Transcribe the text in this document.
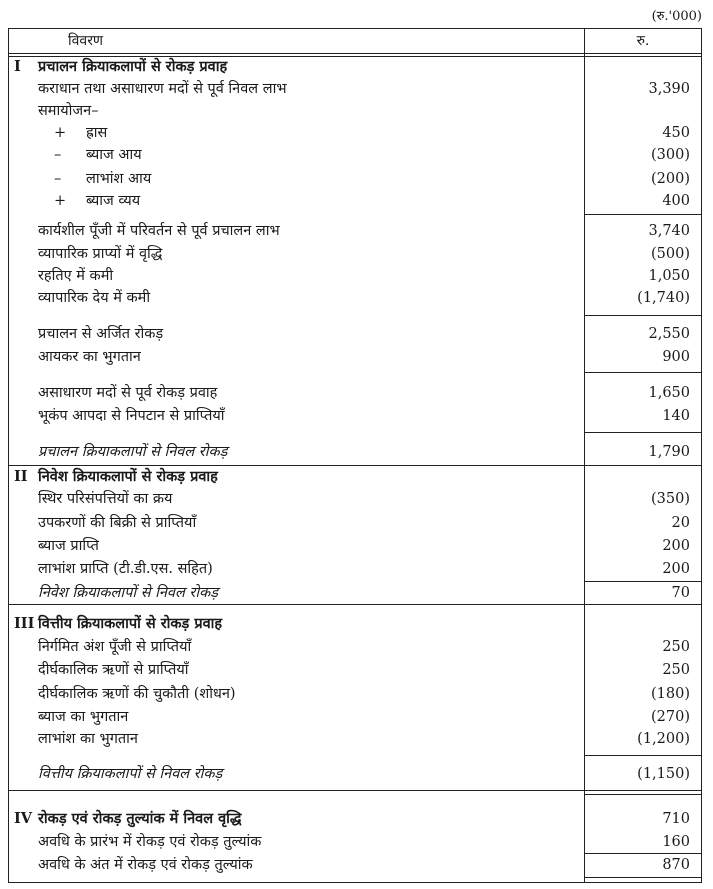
(रु.'000)
विवरण	रु.
I प्रचालन क्रियाकलापों से रोकड़ प्रवाह
कराधान तथा असाधारण मदों से पूर्व निवल लाभ	3,390
समायोजन–
+ ह्रास	450
– ब्याज आय	(300)
– लाभांश आय	(200)
+ ब्याज व्यय	400
कार्यशील पूँजी में परिवर्तन से पूर्व प्रचालन लाभ	3,740
व्यापारिक प्राप्यों में वृद्धि	(500)
रहतिए में कमी	1,050
व्यापारिक देय में कमी	(1,740)
प्रचालन से अर्जित रोकड़	2,550
आयकर का भुगतान	900
असाधारण मदों से पूर्व रोकड़ प्रवाह	1,650
भूकंप आपदा से निपटान से प्राप्तियाँ	140
प्रचालन क्रियाकलापों से निवल रोकड़	1,790
II निवेश क्रियाकलापों से रोकड़ प्रवाह
स्थिर परिसंपत्तियों का क्रय	(350)
उपकरणों की बिक्री से प्राप्तियाँ	20
ब्याज प्राप्ति	200
लाभांश प्राप्ति (टी.डी.एस. सहित)	200
निवेश क्रियाकलापों से निवल रोकड़	70
III वित्तीय क्रियाकलापों से रोकड़ प्रवाह
निर्गमित अंश पूँजी से प्राप्तियाँ	250
दीर्घकालिक ऋणों से प्राप्तियाँ	250
दीर्घकालिक ऋणों की चुकौती (शोधन)	(180)
ब्याज का भुगतान	(270)
लाभांश का भुगतान	(1,200)
वित्तीय क्रियाकलापों से निवल रोकड़	(1,150)
IV रोकड़ एवं रोकड़ तुल्यांक में निवल वृद्धि	710
अवधि के प्रारंभ में रोकड़ एवं रोकड़ तुल्यांक	160
अवधि के अंत में रोकड़ एवं रोकड़ तुल्यांक	870
